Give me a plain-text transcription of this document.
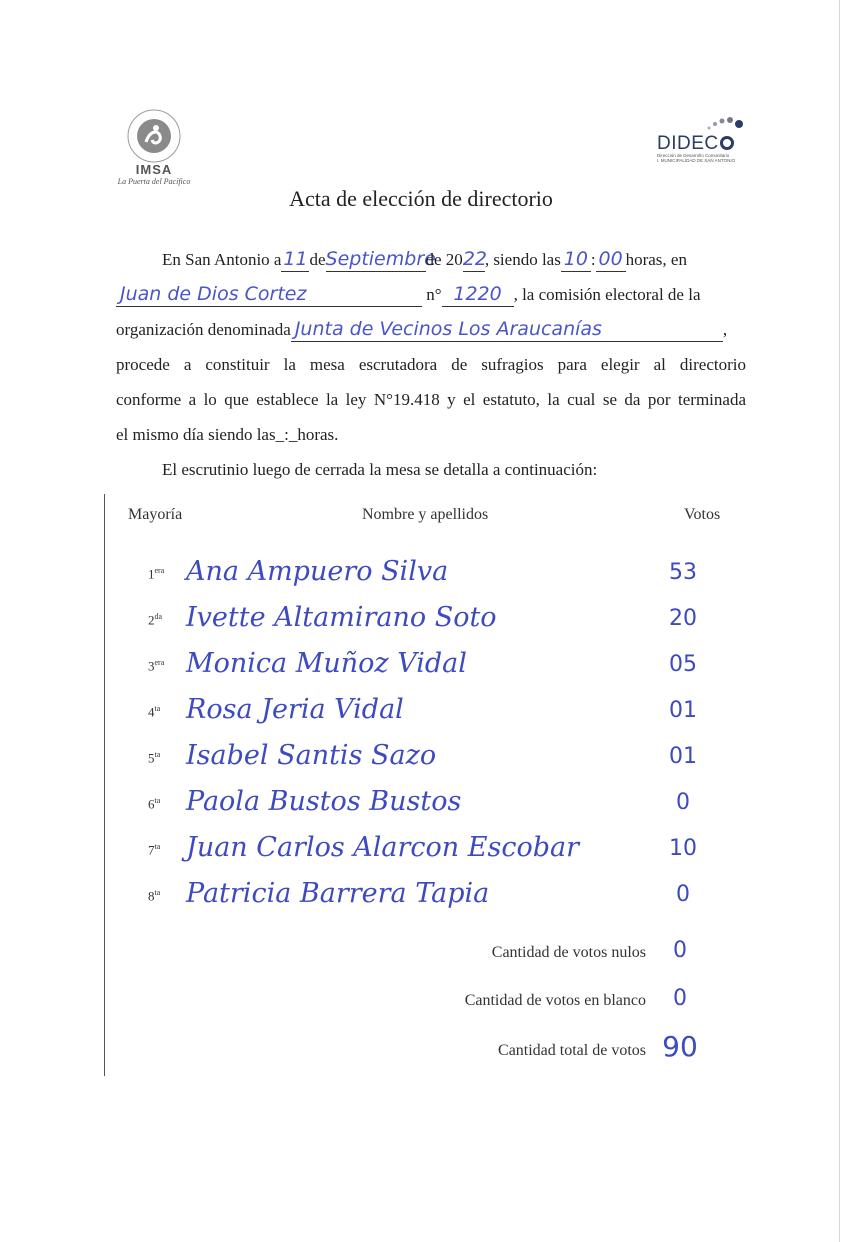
IMSA
La Puerta del Pacífico
DIDEC
Dirección de Desarrollo Comunitario
I. MUNICIPALIDAD DE SAN ANTONIO
Acta de elección de directorio
En San Antonio a 11 deSeptiembrede 2022, siendo las 10 : 00 horas, en
Juan de Dios Cortez	n° 1220 , la comisión electoral de la
organización denominada Junta de Vecinos Los Araucanías	,
procede a constituir la mesa escrutadora de sufragios para elegir al directorio
conforme a lo que establece la ley N°19.418 y el estatuto, la cual se da por terminada
el mismo día siendo las_:_horas.
El escrutinio luego de cerrada la mesa se detalla a continuación:
Mayoría	Nombre y apellidos	Votos
$1^{era}$ Ana Ampuero Silva	53
$2^{da}$ Ivette Altamirano Soto	20
$3^{era}$ Monica Muñoz Vidal	05
$4^{ta}$ Rosa Jeria Vidal	01
$5^{ta}$ Isabel Santis Sazo	01
$6^{ta}$ Paola Bustos Bustos	0
$7^{ta}$ Juan Carlos Alarcon Escobar	10
$8^{ta}$ Patricia Barrera Tapia	0
Cantidad de votos nulos	0
Cantidad de votos en blanco	0
Cantidad total de votos 90
